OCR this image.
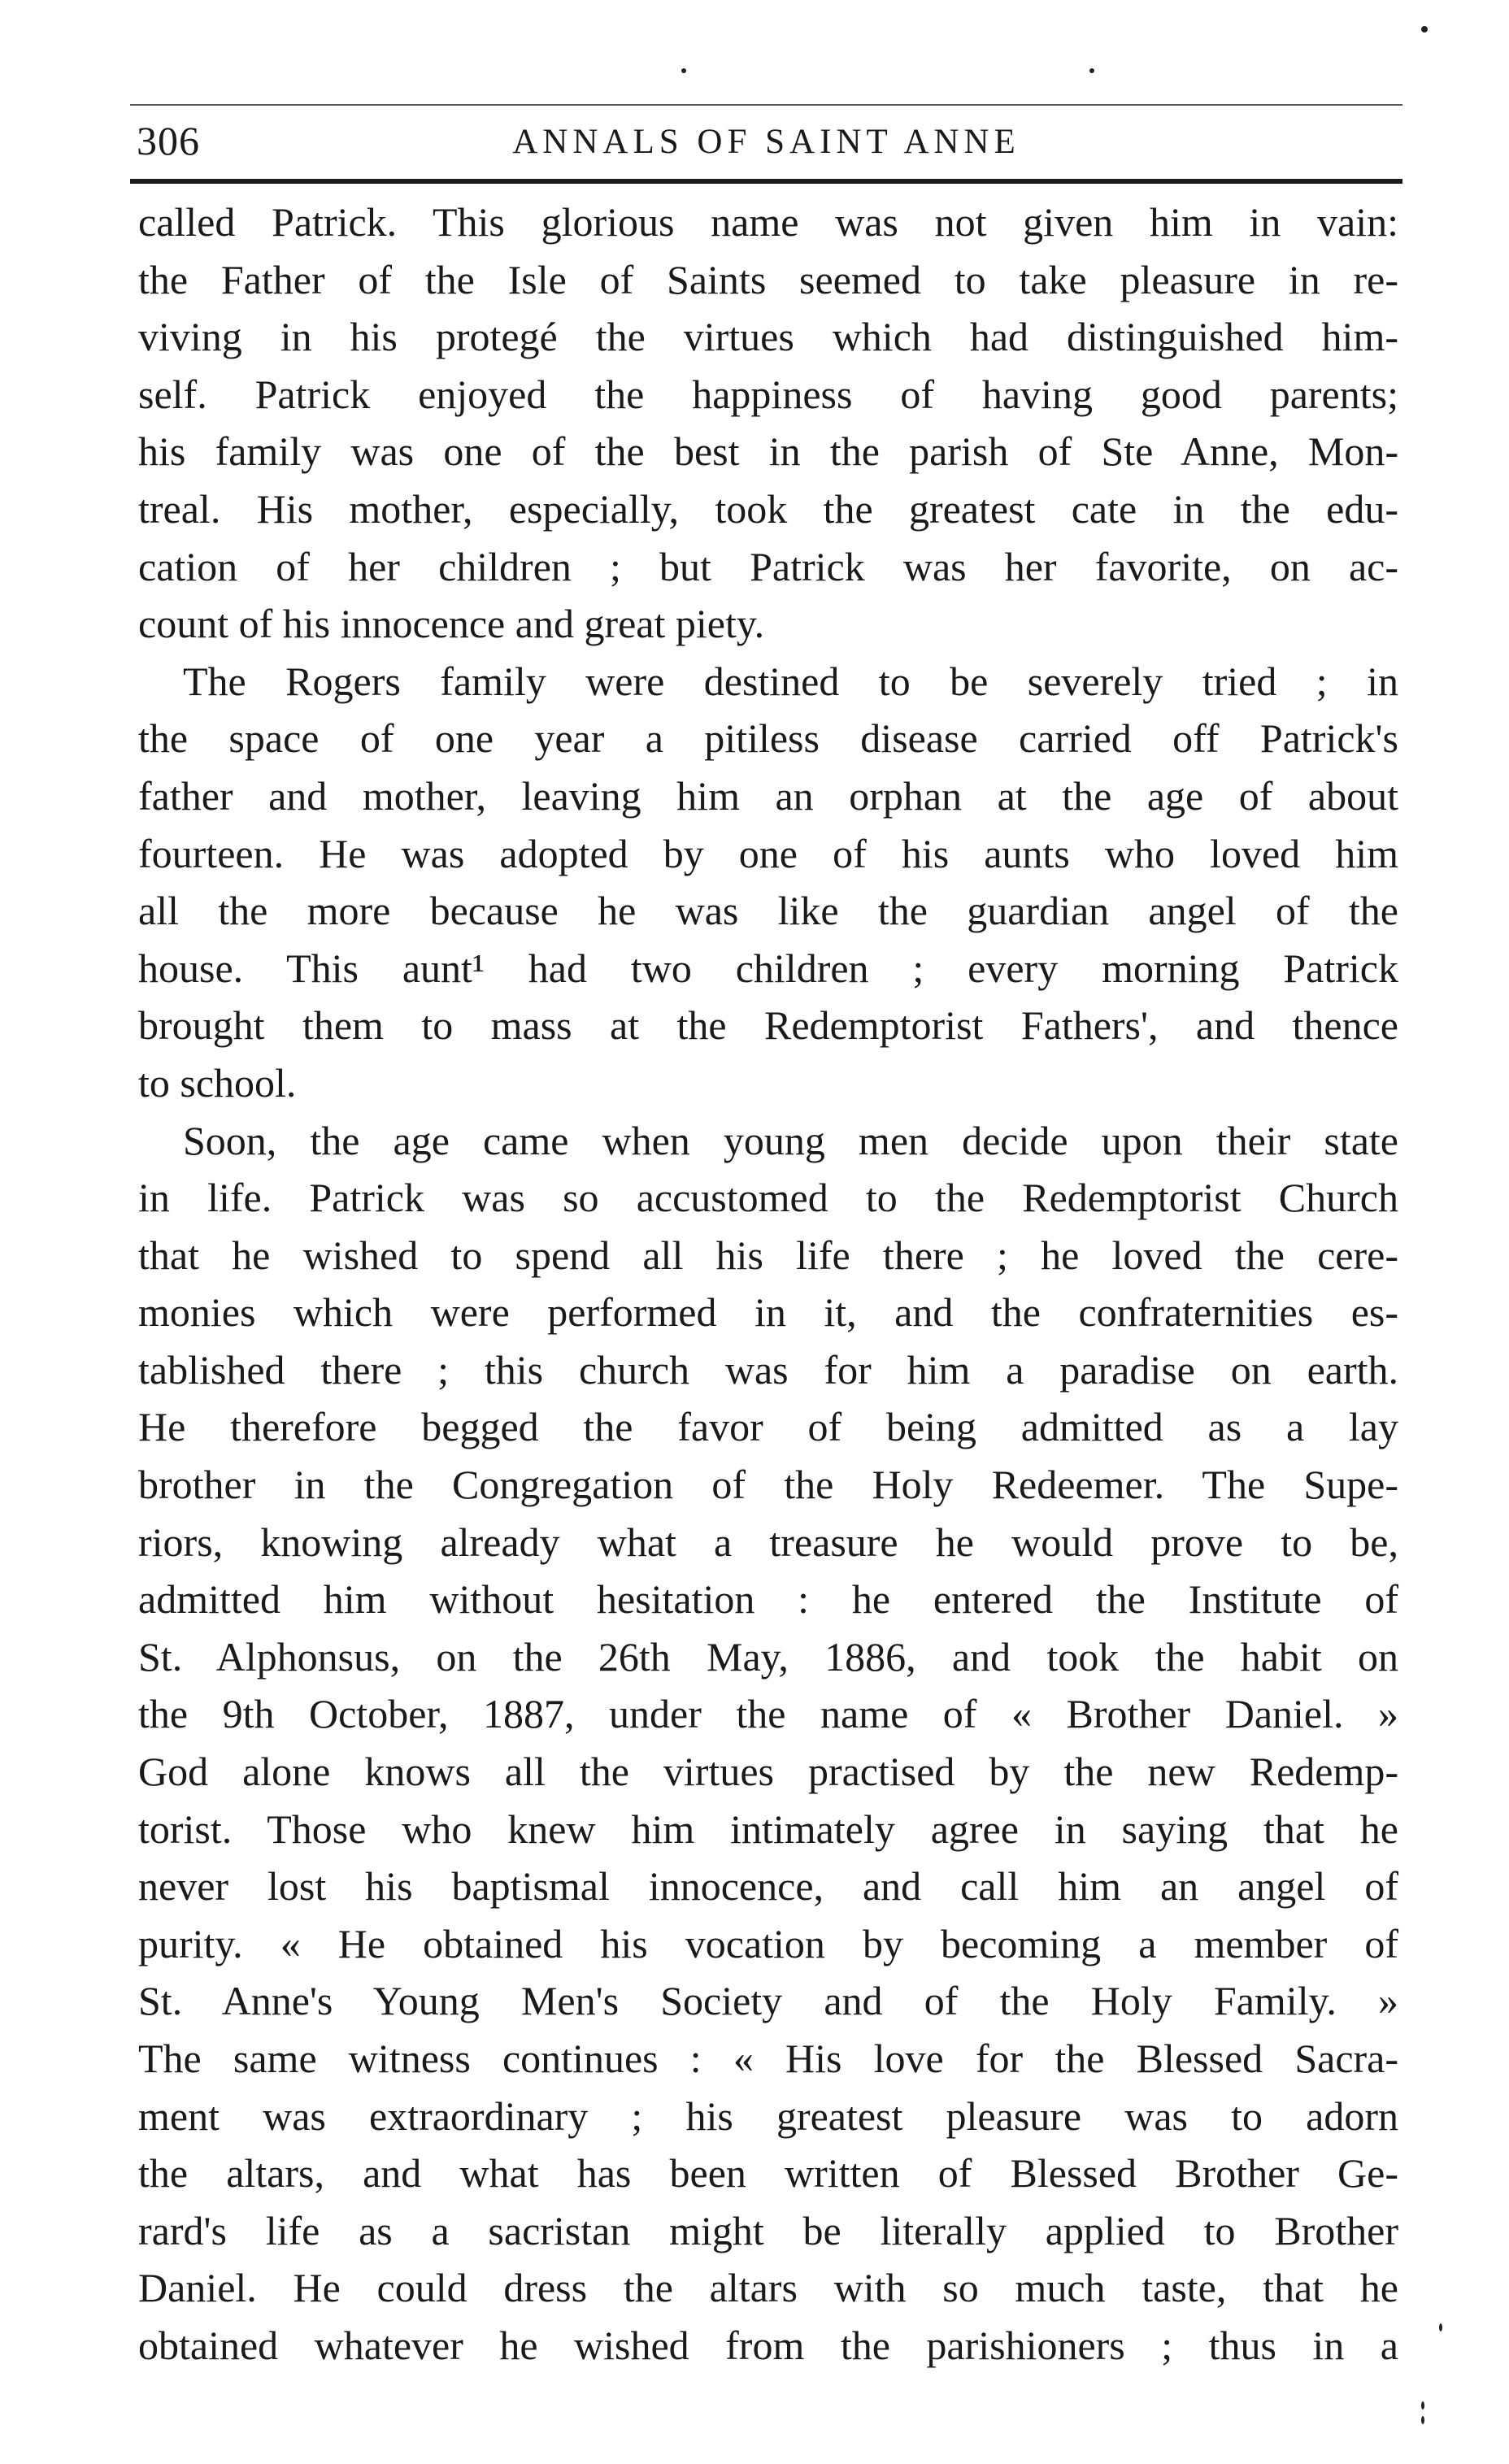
306	ANNALS OF SAINT ANNE
called Patrick. This glorious name was not given him in vain:
the Father of the Isle of Saints seemed to take pleasure in re-
viving in his protegé the virtues which had distinguished him-
self. Patrick enjoyed the happiness of having good parents;
his family was one of the best in the parish of Ste Anne, Mon-
treal. His mother, especially, took the greatest cate in the edu-
cation of her children ; but Patrick was her favorite, on ac-
count of his innocence and great piety.
The Rogers family were destined to be severely tried ; in
the space of one year a pitiless disease carried off Patrick's
father and mother, leaving him an orphan at the age of about
fourteen. He was adopted by one of his aunts who loved him
all the more because he was like the guardian angel of the
house. This aunt¹ had two children ; every morning Patrick
brought them to mass at the Redemptorist Fathers', and thence
to school.
Soon, the age came when young men decide upon their state
in life. Patrick was so accustomed to the Redemptorist Church
that he wished to spend all his life there ; he loved the cere-
monies which were performed in it, and the confraternities es-
tablished there ; this church was for him a paradise on earth.
He therefore begged the favor of being admitted as a lay
brother in the Congregation of the Holy Redeemer. The Supe-
riors, knowing already what a treasure he would prove to be,
admitted him without hesitation : he entered the Institute of
St. Alphonsus, on the 26th May, 1886, and took the habit on
the 9th October, 1887, under the name of « Brother Daniel. »
God alone knows all the virtues practised by the new Redemp-
torist. Those who knew him intimately agree in saying that he
never lost his baptismal innocence, and call him an angel of
purity. « He obtained his vocation by becoming a member of
St. Anne's Young Men's Society and of the Holy Family. »
The same witness continues : « His love for the Blessed Sacra-
ment was extraordinary ; his greatest pleasure was to adorn
the altars, and what has been written of Blessed Brother Ge-
rard's life as a sacristan might be literally applied to Brother
Daniel. He could dress the altars with so much taste, that he
obtained whatever he wished from the parishioners ; thus in a
